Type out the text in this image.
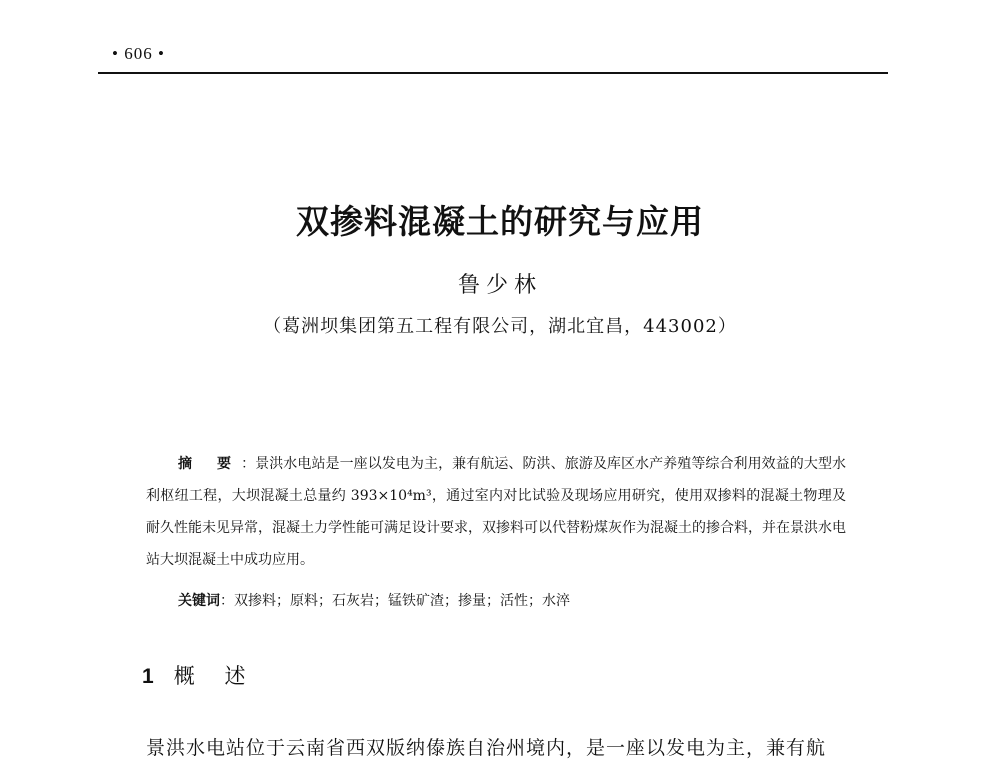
• 606 •
双掺料混凝土的研究与应用
鲁少林
（葛洲坝集团第五工程有限公司，湖北宜昌，443002）
摘 要：景洪水电站是一座以发电为主，兼有航运、防洪、旅游及库区水产养殖等综合利用效益的大型水利枢纽工程，大坝混凝土总量约 393×10⁴m³，通过室内对比试验及现场应用研究，使用双掺料的混凝土物理及耐久性能未见异常，混凝土力学性能可满足设计要求，双掺料可以代替粉煤灰作为混凝土的掺合料，并在景洪水电站大坝混凝土中成功应用。
关键词：双掺料；原料；石灰岩；锰铁矿渣；掺量；活性；水淬
1 概 述
景洪水电站位于云南省西双版纳傣族自治州境内，是一座以发电为主，兼有航
